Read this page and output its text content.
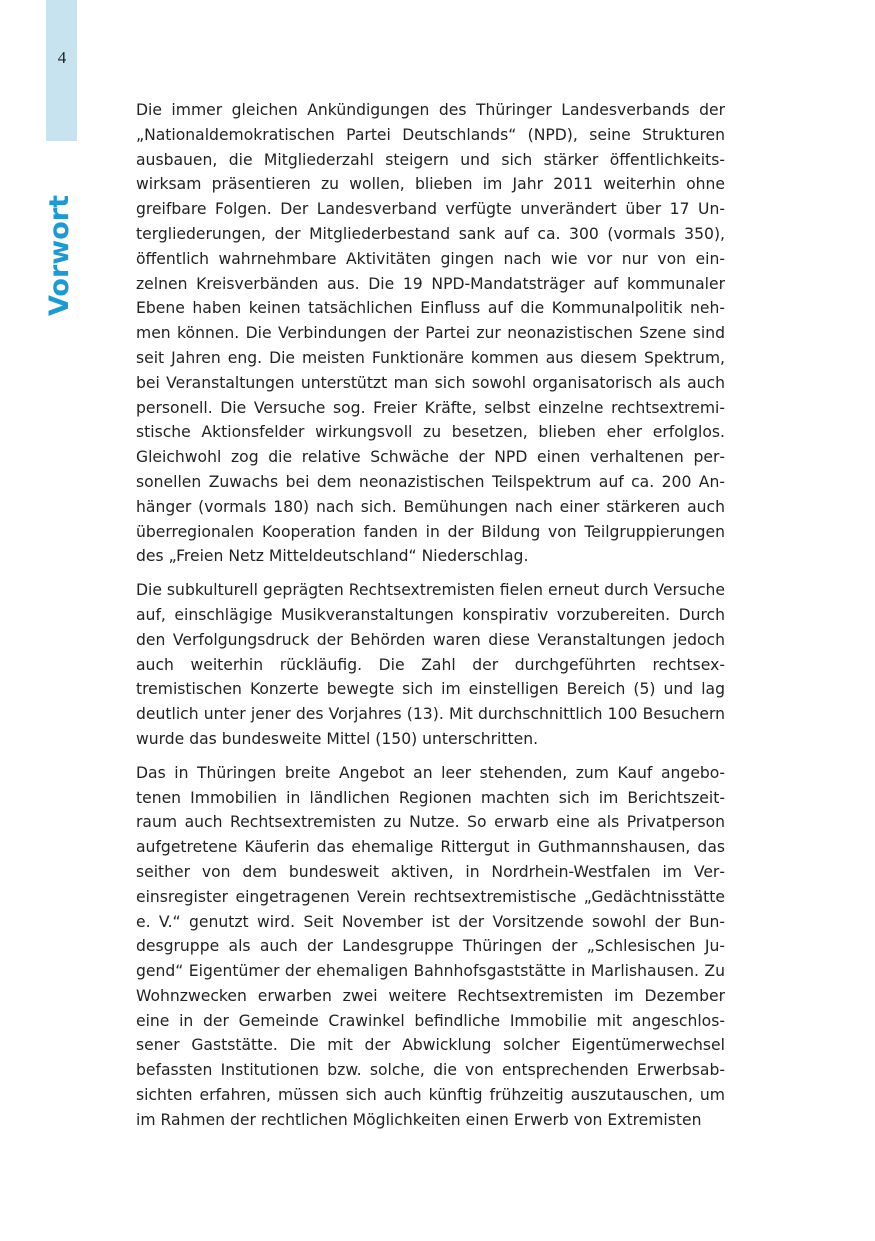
4
Vorwort

Die immer gleichen Ankündigungen des Thüringer Landesverbands der „Nationaldemokratischen Partei Deutschlands“ (NPD), seine Strukturen ausbauen, die Mitgliederzahl steigern und sich stärker öffentlichkeitswirksam präsentieren zu wollen, blieben im Jahr 2011 weiterhin ohne greifbare Folgen. Der Landesverband verfügte unverändert über 17 Untergliederungen, der Mitgliederbestand sank auf ca. 300 (vormals 350), öffentlich wahrnehmbare Aktivitäten gingen nach wie vor nur von einzelnen Kreisverbänden aus. Die 19 NPD-Mandatsträger auf kommunaler Ebene haben keinen tatsächlichen Einfluss auf die Kommunalpolitik nehmen können. Die Verbindungen der Partei zur neonazistischen Szene sind seit Jahren eng. Die meisten Funktionäre kommen aus diesem Spektrum, bei Veranstaltungen unterstützt man sich sowohl organisatorisch als auch personell. Die Versuche sog. Freier Kräfte, selbst einzelne rechtsextremistische Aktionsfelder wirkungsvoll zu besetzen, blieben eher erfolglos. Gleichwohl zog die relative Schwäche der NPD einen verhaltenen personellen Zuwachs bei dem neonazistischen Teilspektrum auf ca. 200 Anhänger (vormals 180) nach sich. Bemühungen nach einer stärkeren auch überregionalen Kooperation fanden in der Bildung von Teilgruppierungen des „Freien Netz Mitteldeutschland“ Niederschlag.

Die subkulturell geprägten Rechtsextremisten fielen erneut durch Versuche auf, einschlägige Musikveranstaltungen konspirativ vorzubereiten. Durch den Verfolgungsdruck der Behörden waren diese Veranstaltungen jedoch auch weiterhin rückläufig. Die Zahl der durchgeführten rechtsextremistischen Konzerte bewegte sich im einstelligen Bereich (5) und lag deutlich unter jener des Vorjahres (13). Mit durchschnittlich 100 Besuchern wurde das bundesweite Mittel (150) unterschritten.

Das in Thüringen breite Angebot an leer stehenden, zum Kauf angebotenen Immobilien in ländlichen Regionen machten sich im Berichtszeitraum auch Rechtsextremisten zu Nutze. So erwarb eine als Privatperson aufgetretene Käuferin das ehemalige Rittergut in Guthmannshausen, das seither von dem bundesweit aktiven, in Nordrhein-Westfalen im Vereinsregister eingetragenen Verein rechtsextremistische „Gedächtnisstätte e. V.“ genutzt wird. Seit November ist der Vorsitzende sowohl der Bundesgruppe als auch der Landesgruppe Thüringen der „Schlesischen Jugend“ Eigentümer der ehemaligen Bahnhofsgaststätte in Marlishausen. Zu Wohnzwecken erwarben zwei weitere Rechtsextremisten im Dezember eine in der Gemeinde Crawinkel befindliche Immobilie mit angeschlossener Gaststätte. Die mit der Abwicklung solcher Eigentümerwechsel befassten Institutionen bzw. solche, die von entsprechenden Erwerbsabsichten erfahren, müssen sich auch künftig frühzeitig auszutauschen, um im Rahmen der rechtlichen Möglichkeiten einen Erwerb von Extremisten
